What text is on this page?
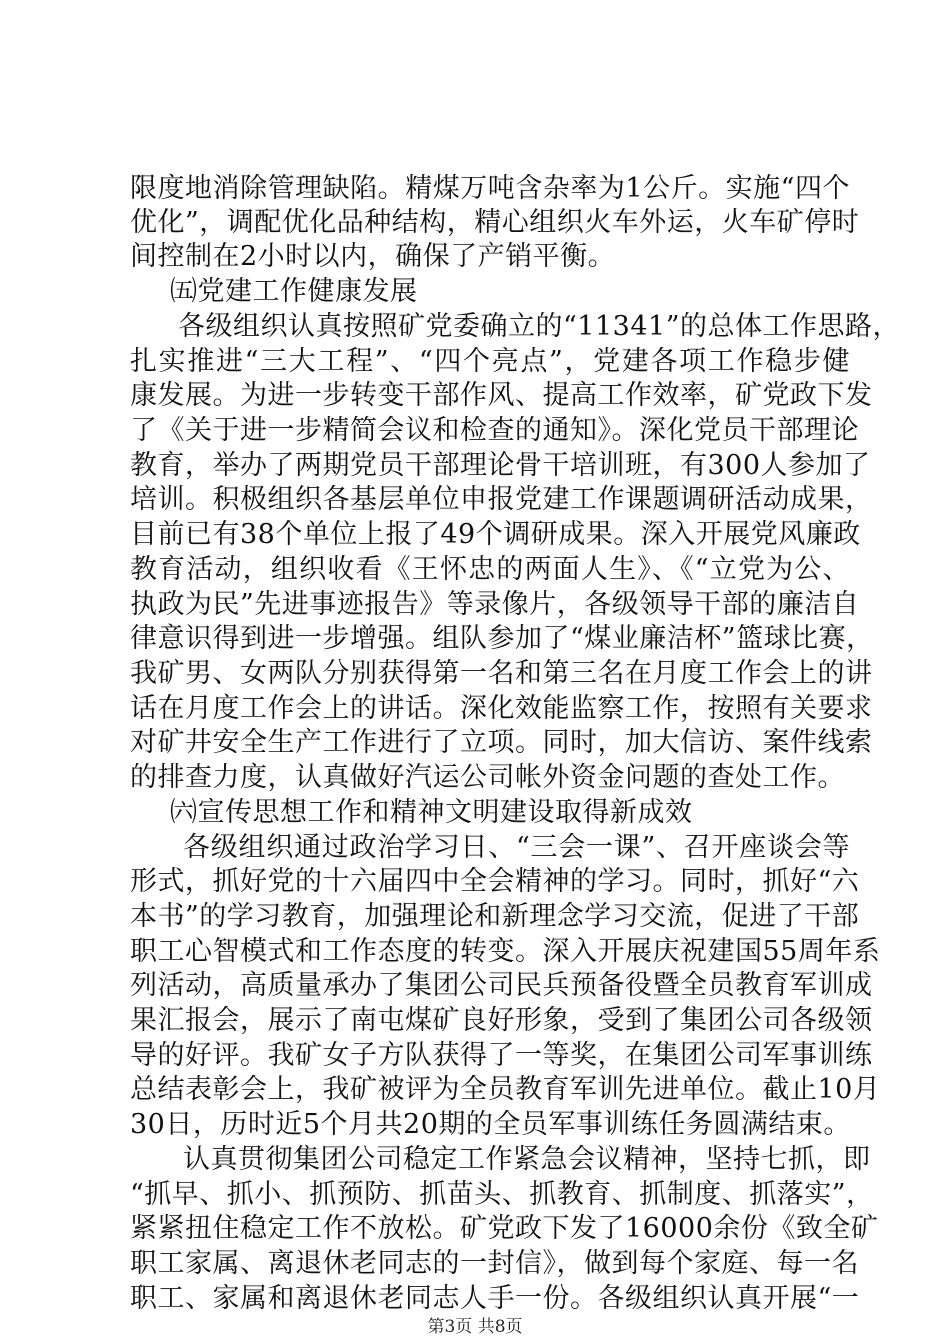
限度地消除管理缺陷。精煤万吨含杂率为1公斤。实施“四个
优化”，调配优化品种结构，精心组织火车外运，火车矿停时
间控制在2小时以内，确保了产销平衡。
㈤党建工作健康发展
各级组织认真按照矿党委确立的“11341”的总体工作思路，
扎实推进“三大工程”、“四个亮点”，党建各项工作稳步健
康发展。为进一步转变干部作风、提高工作效率，矿党政下发
了《关于进一步精简会议和检查的通知》。深化党员干部理论
教育，举办了两期党员干部理论骨干培训班，有300人参加了
培训。积极组织各基层单位申报党建工作课题调研活动成果，
目前已有38个单位上报了49个调研成果。深入开展党风廉政
教育活动，组织收看《王怀忠的两面人生》、《“立党为公、
执政为民”先进事迹报告》等录像片，各级领导干部的廉洁自
律意识得到进一步增强。组队参加了“煤业廉洁杯”篮球比赛，
我矿男、女两队分别获得第一名和第三名在月度工作会上的讲
话在月度工作会上的讲话。深化效能监察工作，按照有关要求
对矿井安全生产工作进行了立项。同时，加大信访、案件线索
的排查力度，认真做好汽运公司帐外资金问题的查处工作。
㈥宣传思想工作和精神文明建设取得新成效
各级组织通过政治学习日、“三会一课”、召开座谈会等
形式，抓好党的十六届四中全会精神的学习。同时，抓好“六
本书”的学习教育，加强理论和新理念学习交流，促进了干部
职工心智模式和工作态度的转变。深入开展庆祝建国55周年系
列活动，高质量承办了集团公司民兵预备役暨全员教育军训成
果汇报会，展示了南屯煤矿良好形象，受到了集团公司各级领
导的好评。我矿女子方队获得了一等奖，在集团公司军事训练
总结表彰会上，我矿被评为全员教育军训先进单位。截止10月
30日，历时近5个月共20期的全员军事训练任务圆满结束。
认真贯彻集团公司稳定工作紧急会议精神，坚持七抓，即
“抓早、抓小、抓预防、抓苗头、抓教育、抓制度、抓落实”，
紧紧扭住稳定工作不放松。矿党政下发了16000余份《致全矿
职工家属、离退休老同志的一封信》，做到每个家庭、每一名
职工、家属和离退休老同志人手一份。各级组织认真开展“一
第3页 共8页
